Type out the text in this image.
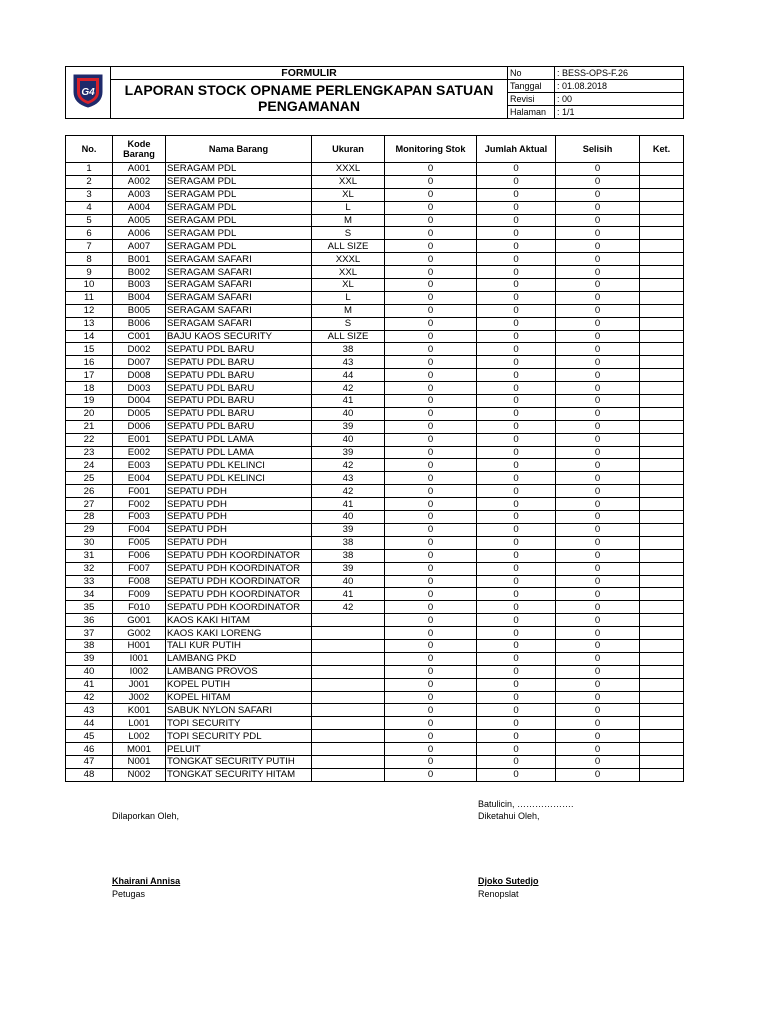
G4	FORMULIR
LAPORAN STOCK OPNAME PERLENGKAPAN SATUAN
PENGAMANAN	No	: BESS-OPS-F.26
		Tanggal	: 01.08.2018
		Revisi	: 00
		Halaman	: 1/1
No.	Kode Barang	Nama Barang	Ukuran	Monitoring Stok	Jumlah Aktual	Selisih	Ket.
1	A001	SERAGAM PDL	XXXL	0	0	0	
2	A002	SERAGAM PDL	XXL	0	0	0	
3	A003	SERAGAM PDL	XL	0	0	0	
4	A004	SERAGAM PDL	L	0	0	0	
5	A005	SERAGAM PDL	M	0	0	0	
6	A006	SERAGAM PDL	S	0	0	0	
7	A007	SERAGAM PDL	ALL SIZE	0	0	0	
8	B001	SERAGAM SAFARI	XXXL	0	0	0	
9	B002	SERAGAM SAFARI	XXL	0	0	0	
10	B003	SERAGAM SAFARI	XL	0	0	0	
11	B004	SERAGAM SAFARI	L	0	0	0	
12	B005	SERAGAM SAFARI	M	0	0	0	
13	B006	SERAGAM SAFARI	S	0	0	0	
14	C001	BAJU KAOS SECURITY	ALL SIZE	0	0	0	
15	D002	SEPATU PDL BARU	38	0	0	0	
16	D007	SEPATU PDL BARU	43	0	0	0	
17	D008	SEPATU PDL BARU	44	0	0	0	
18	D003	SEPATU PDL BARU	42	0	0	0	
19	D004	SEPATU PDL BARU	41	0	0	0	
20	D005	SEPATU PDL BARU	40	0	0	0	
21	D006	SEPATU PDL BARU	39	0	0	0	
22	E001	SEPATU PDL LAMA	40	0	0	0	
23	E002	SEPATU PDL LAMA	39	0	0	0	
24	E003	SEPATU PDL KELINCI	42	0	0	0	
25	E004	SEPATU PDL KELINCI	43	0	0	0	
26	F001	SEPATU PDH	42	0	0	0	
27	F002	SEPATU PDH	41	0	0	0	
28	F003	SEPATU PDH	40	0	0	0	
29	F004	SEPATU PDH	39	0	0	0	
30	F005	SEPATU PDH	38	0	0	0	
31	F006	SEPATU PDH KOORDINATOR	38	0	0	0	
32	F007	SEPATU PDH KOORDINATOR	39	0	0	0	
33	F008	SEPATU PDH KOORDINATOR	40	0	0	0	
34	F009	SEPATU PDH KOORDINATOR	41	0	0	0	
35	F010	SEPATU PDH KOORDINATOR	42	0	0	0	
36	G001	KAOS KAKI HITAM		0	0	0	
37	G002	KAOS KAKI LORENG		0	0	0	
38	H001	TALI KUR PUTIH		0	0	0	
39	I001	LAMBANG PKD		0	0	0	
40	I002	LAMBANG PROVOS		0	0	0	
41	J001	KOPEL PUTIH		0	0	0	
42	J002	KOPEL HITAM		0	0	0	
43	K001	SABUK NYLON SAFARI		0	0	0	
44	L001	TOPI SECURITY		0	0	0	
45	L002	TOPI SECURITY PDL		0	0	0	
46	M001	PELUIT		0	0	0	
47	N001	TONGKAT SECURITY PUTIH		0	0	0	
48	N002	TONGKAT SECURITY HITAM		0	0	0	
Batulicin, ……………….
Dilaporkan Oleh,	Diketahui Oleh,
Khairani Annisa
Petugas
Djoko Sutedjo
Renopslat
